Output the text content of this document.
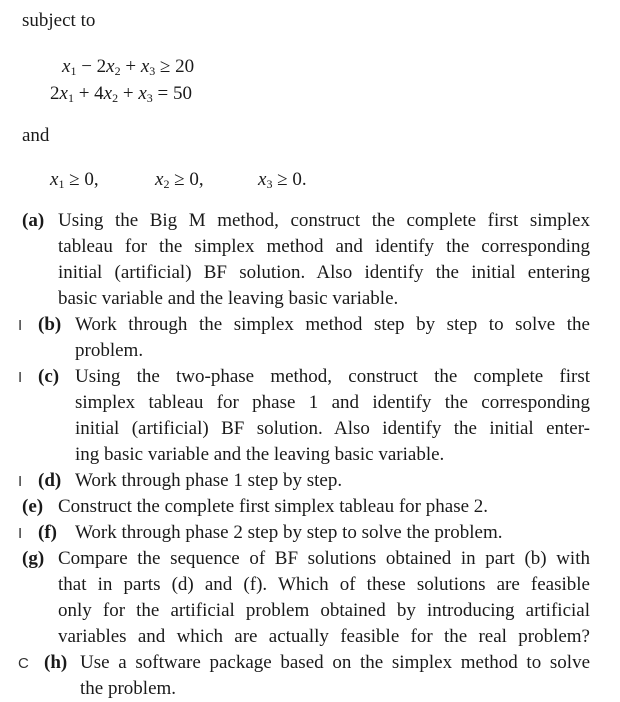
subject to
$x_1 - 2x_2 + x_3 \ge 20$
$2x_1 + 4x_2 + x_3 = 50$
and
$x_1 \ge 0$,	$x_2 \ge 0$,	$x_3 \ge 0$.
(a) Using the Big M method, construct the complete first simplex
tableau for the simplex method and identify the corresponding
initial (artificial) BF solution. Also identify the initial entering
basic variable and the leaving basic variable.
I (b) Work through the simplex method step by step to solve the
problem.
I (c) Using the two-phase method, construct the complete first
simplex tableau for phase 1 and identify the corresponding
initial (artificial) BF solution. Also identify the initial enter-
ing basic variable and the leaving basic variable.
I (d) Work through phase 1 step by step.
(e) Construct the complete first simplex tableau for phase 2.
I (f) Work through phase 2 step by step to solve the problem.
(g) Compare the sequence of BF solutions obtained in part (b) with
that in parts (d) and (f). Which of these solutions are feasible
only for the artificial problem obtained by introducing artificial
variables and which are actually feasible for the real problem?
C (h) Use a software package based on the simplex method to solve
the problem.
